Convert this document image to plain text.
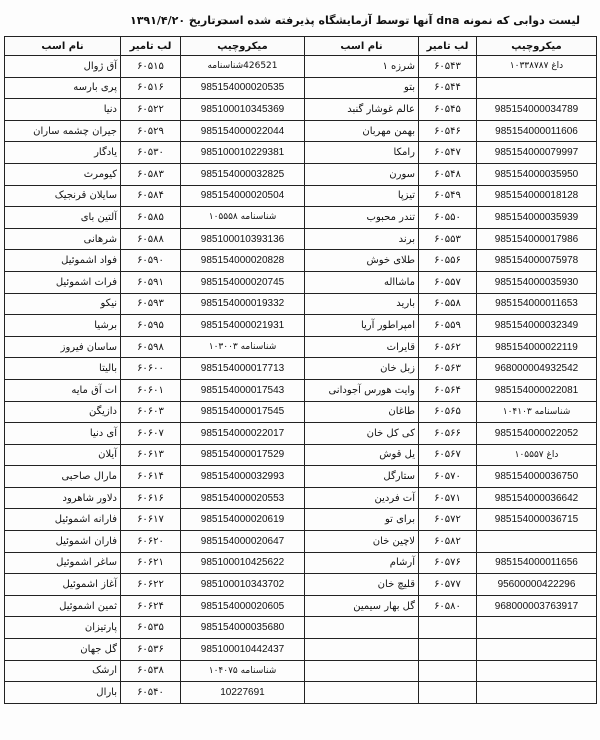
لیست دوابی که نمونه dna آنها توسط آزمایشگاه پذیرفته شده است
درتاریخ ۱۳۹۱/۴/۲۰
نام اسب	لب تامیر	میکروچیپ	نام اسب	لب تامیر	میکروچیپ
آق ژوال	۶۰۵۱۵	426521شناسنامه	شرزه ۱	۶۰۵۴۳	داغ ۱۰۳۳۸۷۸۷
پری بارسه	۶۰۵۱۶	985154000020535	بتو	۶۰۵۴۴	
دنیا	۶۰۵۲۲	985100010345369	عالم غوشار گنبد	۶۰۵۴۵	985154000034789
جیران چشمه ساران	۶۰۵۲۹	985154000022044	بهمن مهربان	۶۰۵۴۶	985154000011606
یادگار	۶۰۵۳۰	985100010229381	رامکا	۶۰۵۴۷	985154000079997
کیومرث	۶۰۵۸۳	985154000032825	سورن	۶۰۵۴۸	985154000035950
سایلان قرنجیک	۶۰۵۸۴	985154000020504	تیزپا	۶۰۵۴۹	985154000018128
آلتین بای	۶۰۵۸۵	شناسنامه ۱۰۵۵۵۸	تندر محبوب	۶۰۵۵۰	985154000035939
شرهانی	۶۰۵۸۸	985100010393136	برند	۶۰۵۵۳	985154000017986
فواد اشموئیل	۶۰۵۹۰	985154000020828	طلای خوش	۶۰۵۵۶	985154000075978
فرات اشموئیل	۶۰۵۹۱	985154000020745	ماشااله	۶۰۵۵۷	985154000035930
نیکو	۶۰۵۹۳	985154000019332	بارید	۶۰۵۵۸	985154000011653
برشیا	۶۰۵۹۵	985154000021931	امپراطور آریا	۶۰۵۵۹	985154000032349
ساسان فیروز	۶۰۵۹۸	شناسنامه ۱۰۳۰۰۳	قایرات	۶۰۵۶۲	985154000022119
بالیتا	۶۰۶۰۰	985154000017713	زبل خان	۶۰۵۶۳	968000004932542
ات آق مایه	۶۰۶۰۱	985154000017543	وایت هورس آجودانی	۶۰۵۶۴	985154000022081
دازیگن	۶۰۶۰۳	985154000017545	طاغان	۶۰۵۶۵	شناسنامه ۱۰۴۱۰۳
آی دنیا	۶۰۶۰۷	985154000022017	کی کل خان	۶۰۵۶۶	985154000022052
آیلان	۶۰۶۱۳	985154000017529	یل قوش	۶۰۵۶۷	داغ ۱۰۵۵۵۷
مارال صاحبی	۶۰۶۱۴	985154000032993	ستارگل	۶۰۵۷۰	985154000036750
دلاور شاهرود	۶۰۶۱۶	985154000020553	آت فردین	۶۰۵۷۱	985154000036642
فارانه اشموئیل	۶۰۶۱۷	985154000020619	برای تو	۶۰۵۷۲	985154000036715
فاران اشموئیل	۶۰۶۲۰	985154000020647	لاچین خان	۶۰۵۸۲	
ساغر اشموئیل	۶۰۶۲۱	985100010425622	آرشام	۶۰۵۷۶	985154000011656
آغاز اشموئیل	۶۰۶۲۲	985100010343702	قلیچ خان	۶۰۵۷۷	95600000422296
ثمین اشموئیل	۶۰۶۲۴	985154000020605	گل بهار سیمین	۶۰۵۸۰	968000003763917
پارتیزان	۶۰۵۳۵	985154000035680			
گل جهان	۶۰۵۳۶	985100010442437			
ارشک	۶۰۵۳۸	شناسنامه ۱۰۴۰۷۵			
بارال	۶۰۵۴۰	10227691			
